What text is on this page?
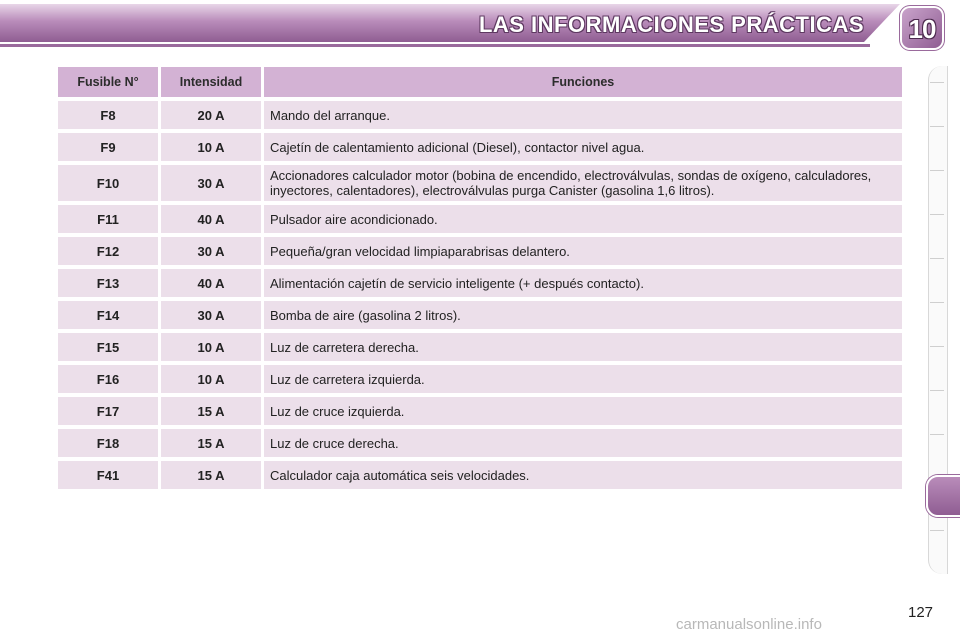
LAS INFORMACIONES PRÁCTICAS 10
Fusible N°	Intensidad	Funciones
F8	20 A	Mando del arranque.
F9	10 A	Cajetín de calentamiento adicional (Diesel), contactor nivel agua.
F10	30 A	Accionadores calculador motor (bobina de encendido, electroválvulas, sondas de oxígeno, calculadores, inyectores, calentadores), electroválvulas purga Canister (gasolina 1,6 litros).
F11	40 A	Pulsador aire acondicionado.
F12	30 A	Pequeña/gran velocidad limpiaparabrisas delantero.
F13	40 A	Alimentación cajetín de servicio inteligente (+ después contacto).
F14	30 A	Bomba de aire (gasolina 2 litros).
F15	10 A	Luz de carretera derecha.
F16	10 A	Luz de carretera izquierda.
F17	15 A	Luz de cruce izquierda.
F18	15 A	Luz de cruce derecha.
F41	15 A	Calculador caja automática seis velocidades.
127
carmanualsonline.info
